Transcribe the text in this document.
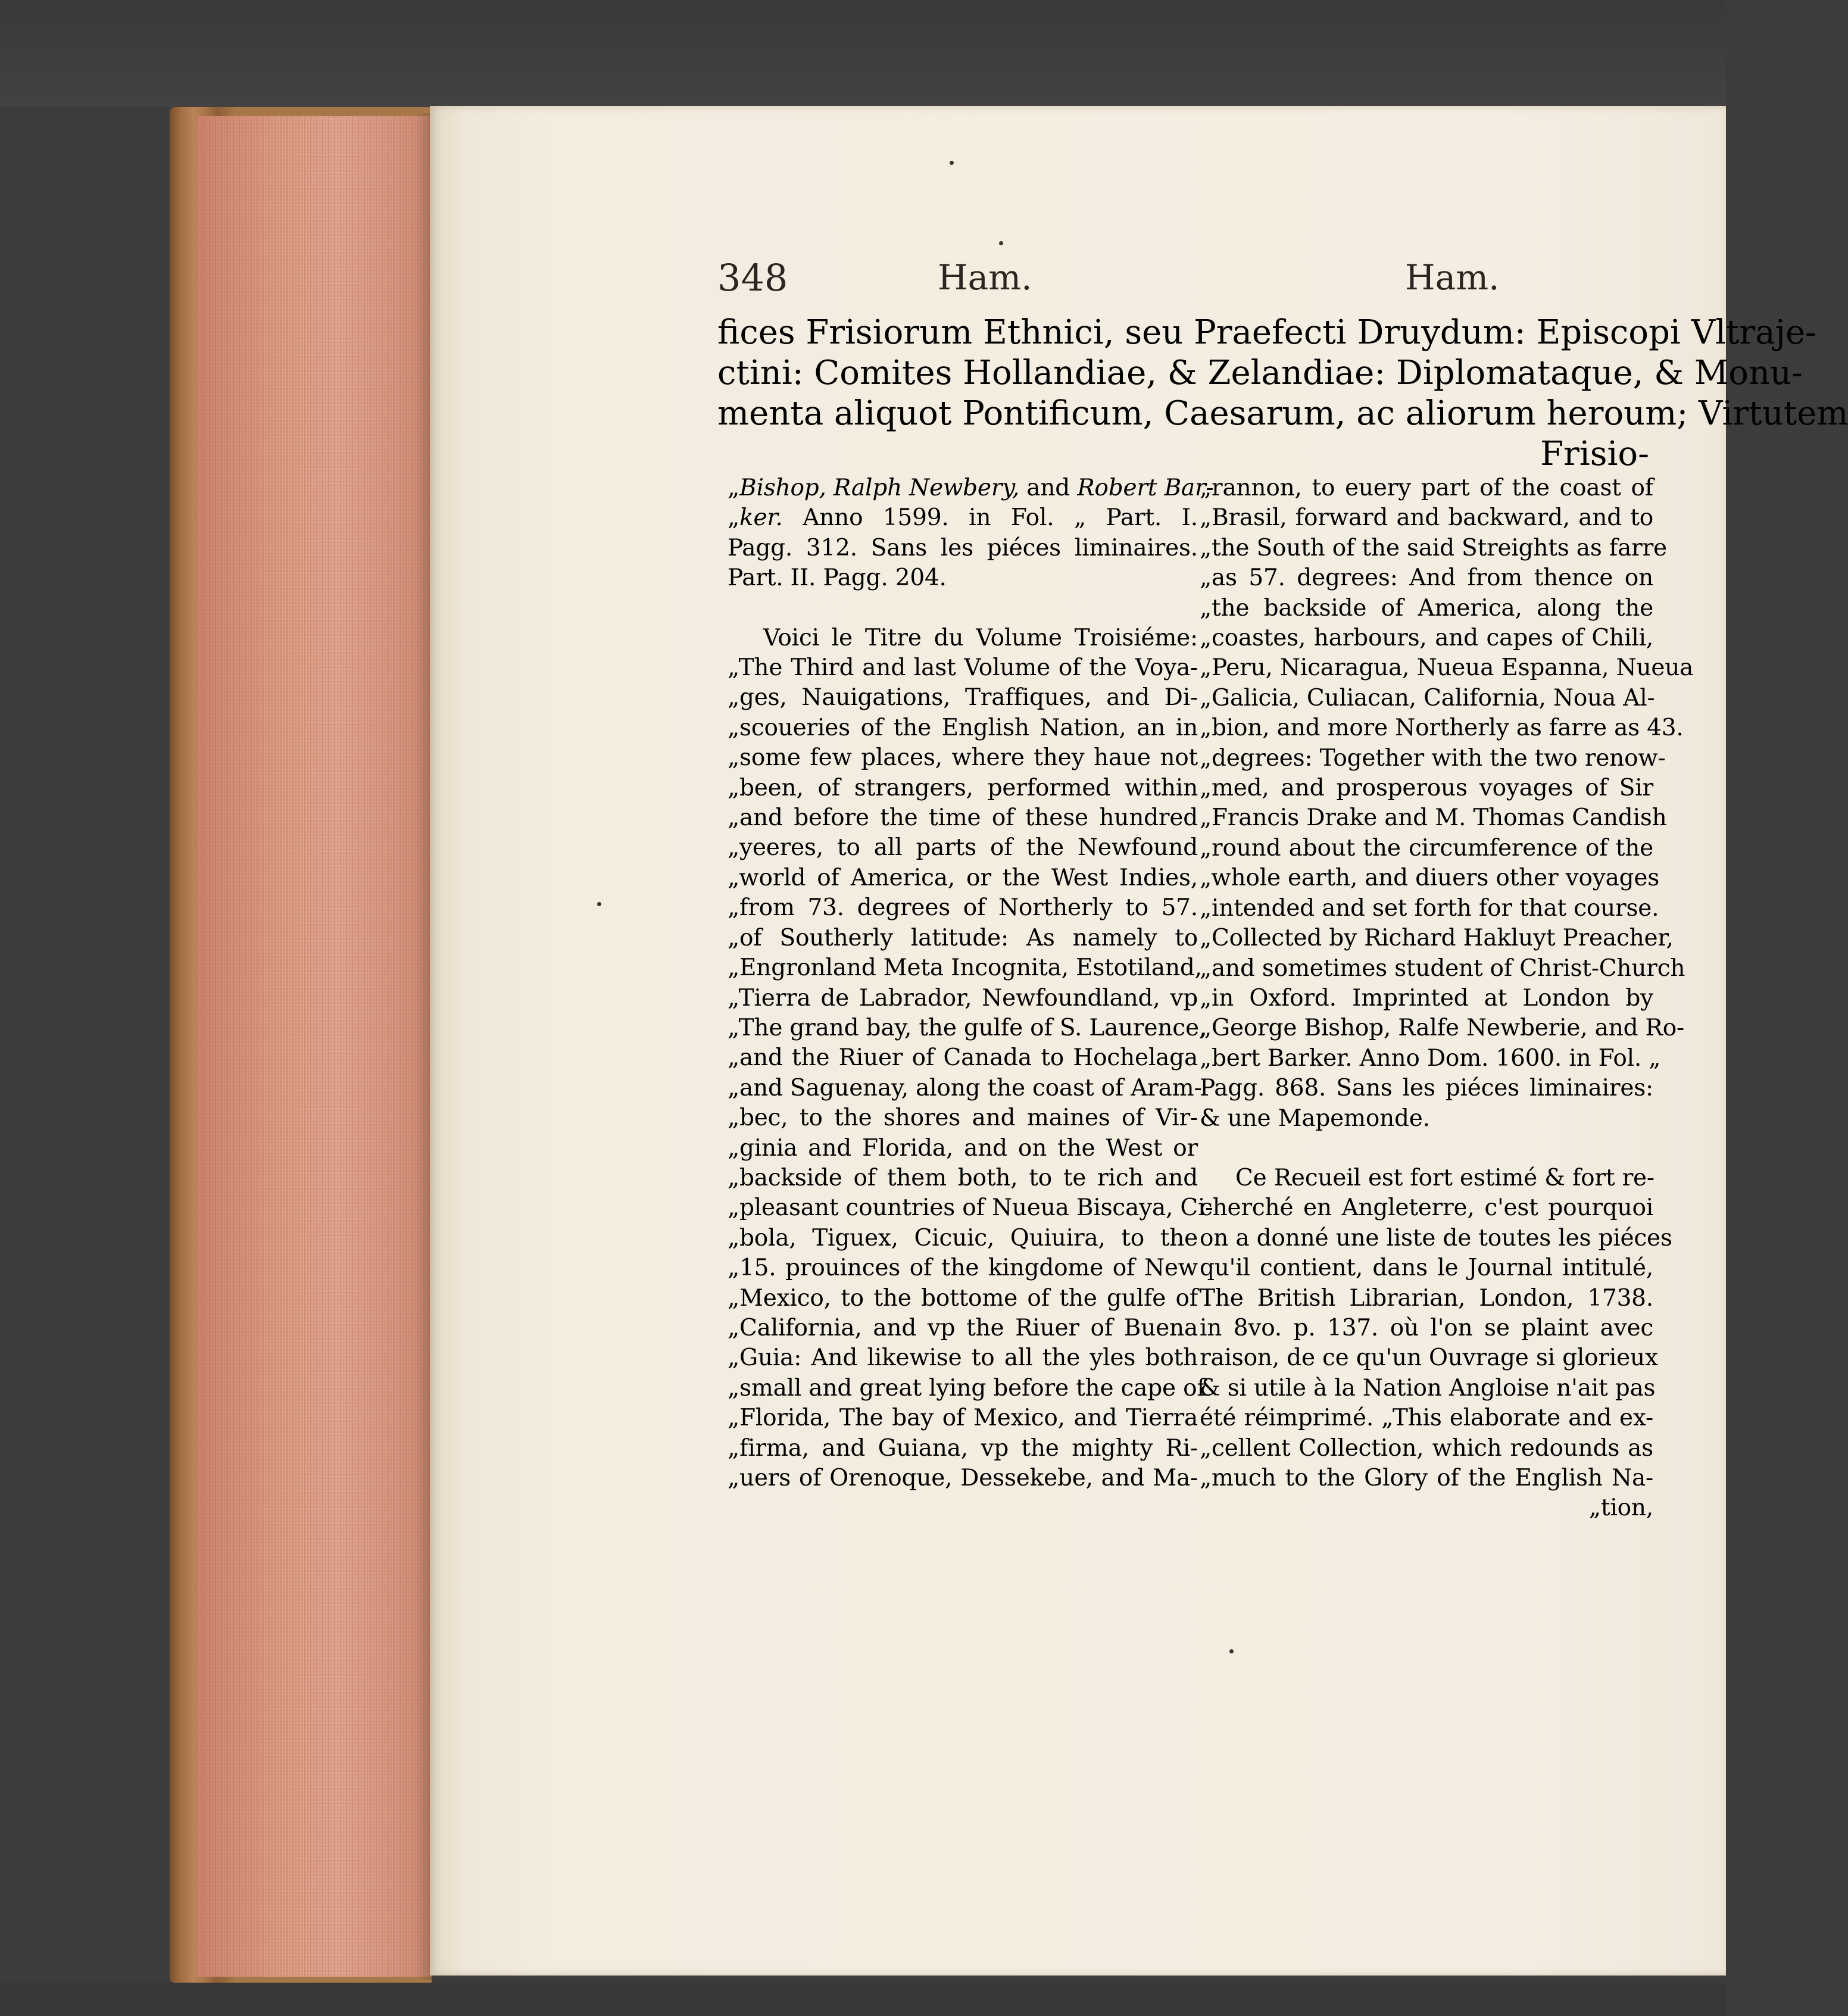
348	Ham.	Ham.
fices Frisiorum Ethnici, seu Praefecti Druydum: Episcopi Vltraje-
ctini: Comites Hollandiae, & Zelandiae: Diplomataque, & Monu-
menta aliquot Pontificum, Caesarum, ac aliorum heroum; Virtutem
Frisio-
„Bishop, Ralph Newbery, and Robert Bar-
„ker. Anno 1599. in Fol. „ Part. I.
Pagg. 312. Sans les piéces liminaires.
Part. II. Pagg. 204.
Voici le Titre du Volume Troisiéme:
„The Third and last Volume of the Voya-
„ges, Nauigations, Traffiques, and Di-
„scoueries of the English Nation, an in
„some few places, where they haue not
„been, of strangers, performed within
„and before the time of these hundred
„yeeres, to all parts of the Newfound
„world of America, or the West Indies,
„from 73. degrees of Northerly to 57.
„of Southerly latitude: As namely to
„Engronland Meta Incognita, Estotiland,
„Tierra de Labrador, Newfoundland, vp
„The grand bay, the gulfe of S. Laurence,
„and the Riuer of Canada to Hochelaga
„and Saguenay, along the coast of Aram-
„bec, to the shores and maines of Vir-
„ginia and Florida, and on the West or
„backside of them both, to te rich and
„pleasant countries of Nueua Biscaya, Ci-
„bola, Tiguex, Cicuic, Quiuira, to the
„15. prouinces of the kingdome of New
„Mexico, to the bottome of the gulfe of
„California, and vp the Riuer of Buena
„Guia: And likewise to all the yles both
„small and great lying before the cape of
„Florida, The bay of Mexico, and Tierra
„firma, and Guiana, vp the mighty Ri-
„uers of Orenoque, Dessekebe, and Ma-
„rannon, to euery part of the coast of
„Brasil, forward and backward, and to
„the South of the said Streights as farre
„as 57. degrees: And from thence on
„the backside of America, along the
„coastes, harbours, and capes of Chili,
„Peru, Nicaragua, Nueua Espanna, Nueua
„Galicia, Culiacan, California, Noua Al-
„bion, and more Northerly as farre as 43.
„degrees: Together with the two renow-
„med, and prosperous voyages of Sir
„Francis Drake and M. Thomas Candish
„round about the circumference of the
„whole earth, and diuers other voyages
„intended and set forth for that course.
„Collected by Richard Hakluyt Preacher,
„and sometimes student of Christ-Church
„in Oxford. Imprinted at London by
„George Bishop, Ralfe Newberie, and Ro-
„bert Barker. Anno Dom. 1600. in Fol. „
Pagg. 868. Sans les piéces liminaires:
& une Mapemonde.
Ce Recueil est fort estimé & fort re-
cherché en Angleterre, c'est pourquoi
on a donné une liste de toutes les piéces
qu'il contient, dans le Journal intitulé,
The British Librarian, London, 1738.
in 8vo. p. 137. où l'on se plaint avec
raison, de ce qu'un Ouvrage si glorieux
& si utile à la Nation Angloise n'ait pas
été réimprimé. „This elaborate and ex-
„cellent Collection, which redounds as
„much to the Glory of the English Na-
„tion,
